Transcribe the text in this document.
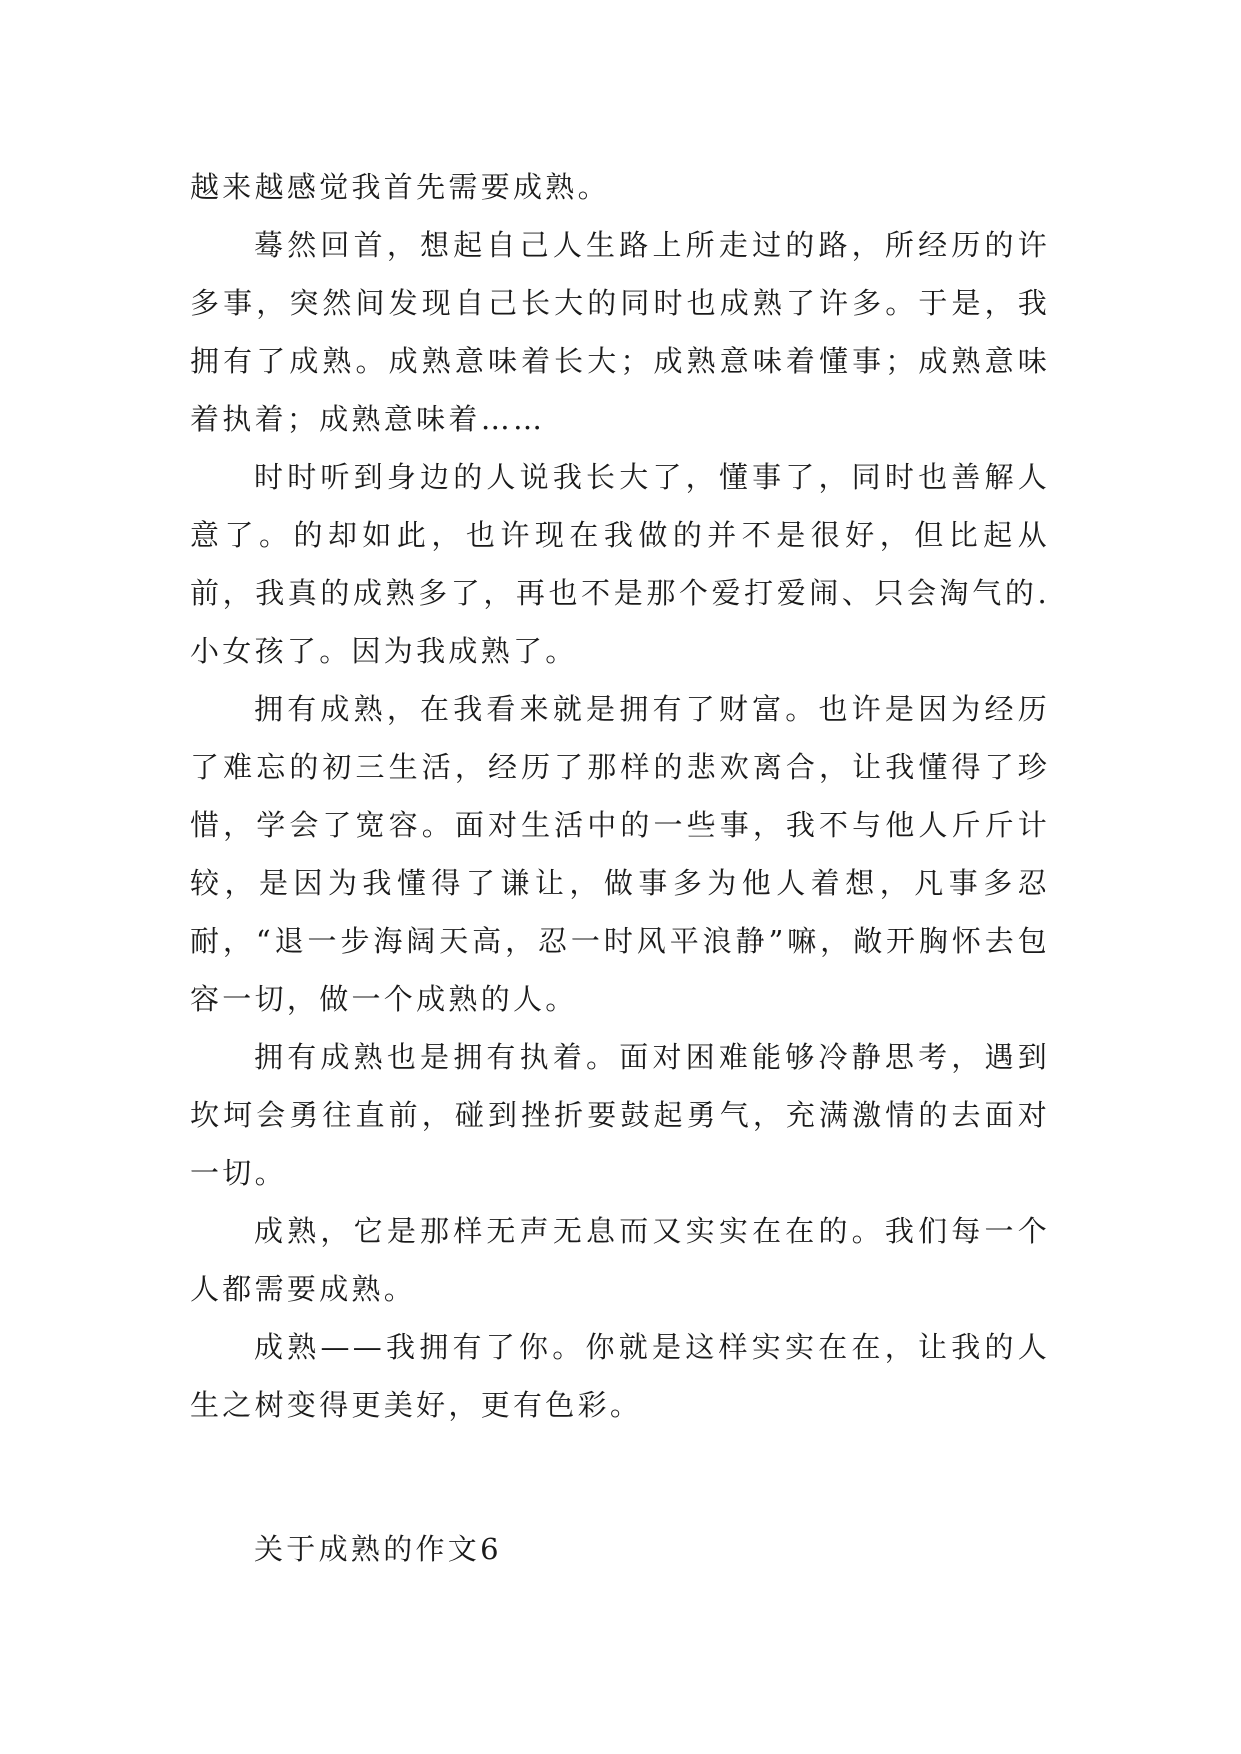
越来越感觉我首先需要成熟。

蓦然回首，想起自己人生路上所走过的路，所经历的许多事，突然间发现自己长大的同时也成熟了许多。于是，我拥有了成熟。成熟意味着长大；成熟意味着懂事；成熟意味着执着；成熟意味着……

时时听到身边的人说我长大了，懂事了，同时也善解人意了。的却如此，也许现在我做的并不是很好，但比起从前，我真的成熟多了，再也不是那个爱打爱闹、只会淘气的.小女孩了。因为我成熟了。

拥有成熟，在我看来就是拥有了财富。也许是因为经历了难忘的初三生活，经历了那样的悲欢离合，让我懂得了珍惜，学会了宽容。面对生活中的一些事，我不与他人斤斤计较，是因为我懂得了谦让，做事多为他人着想，凡事多忍耐，“退一步海阔天高，忍一时风平浪静”嘛，敞开胸怀去包容一切，做一个成熟的人。

拥有成熟也是拥有执着。面对困难能够冷静思考，遇到坎坷会勇往直前，碰到挫折要鼓起勇气，充满激情的去面对一切。

成熟，它是那样无声无息而又实实在在的。我们每一个人都需要成熟。

成熟——我拥有了你。你就是这样实实在在，让我的人生之树变得更美好，更有色彩。

关于成熟的作文6
